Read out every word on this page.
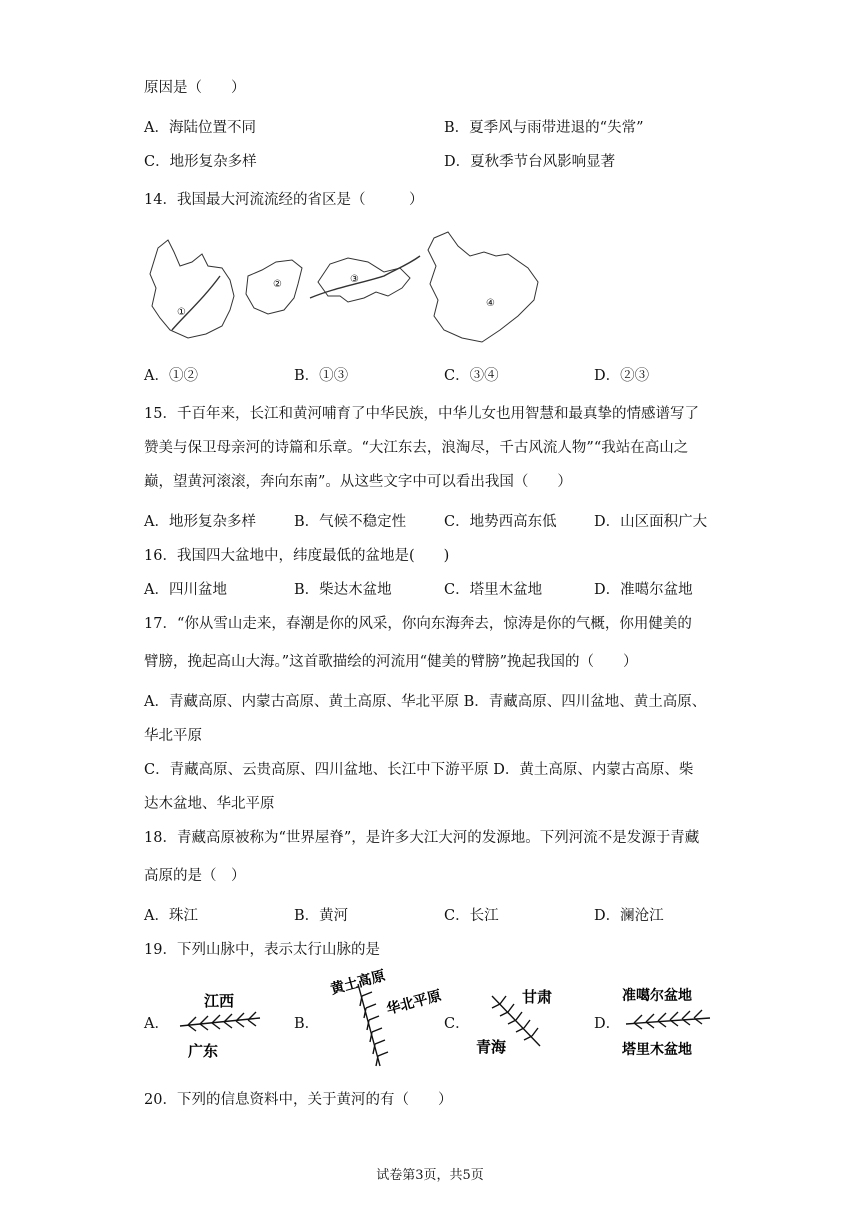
原因是（　　）
A．海陆位置不同	B．夏季风与雨带进退的“失常”
C．地形复杂多样	D．夏秋季节台风影响显著
14．我国最大河流流经的省区是（　　　）
①
②	③
④
A．①②	B．①③	C．③④	D．②③
15．千百年来，长江和黄河哺育了中华民族，中华儿女也用智慧和最真挚的情感谱写了
赞美与保卫母亲河的诗篇和乐章。“大江东去，浪淘尽，千古风流人物”“我站在高山之
巅，望黄河滚滚，奔向东南”。从这些文字中可以看出我国（　　）
A．地形复杂多样	B．气候不稳定性	C．地势西高东低	D．山区面积广大
16．我国四大盆地中，纬度最低的盆地是(　　)
A．四川盆地	B．柴达木盆地	C．塔里木盆地	D．准噶尔盆地
17．“你从雪山走来，春潮是你的风采，你向东海奔去，惊涛是你的气概，你用健美的
臂膀，挽起高山大海。”这首歌描绘的河流用“健美的臂膀”挽起我国的（　　）
A．青藏高原、内蒙古高原、黄土高原、华北平原 B．青藏高原、四川盆地、黄土高原、
华北平原
C．青藏高原、云贵高原、四川盆地、长江中下游平原 D．黄土高原、内蒙古高原、柴
达木盆地、华北平原
18．青藏高原被称为“世界屋脊”，是许多大江大河的发源地。下列河流不是发源于青藏
高原的是（　）
A．珠江	B．黄河	C．长江	D．澜沧江
19．下列山脉中，表示太行山脉的是
A．	B．	C．	D．
江西
广东
黄土高原
华北平原	甘肃
青海
准噶尔盆地
塔里木盆地
20．下列的信息资料中，关于黄河的有（　　）
试卷第3页，共5页
